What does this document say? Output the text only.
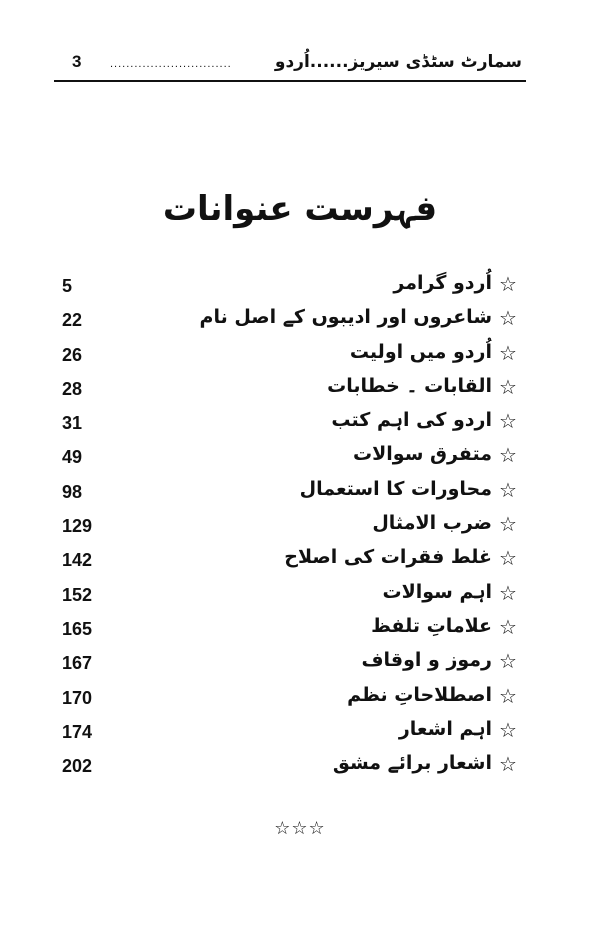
3	..............................	سمارٹ سٹڈی سیریز......اُردو
فہرست عنوانات
5	اُردو گرامر ☆
22	شاعروں اور ادیبوں کے اصل نام ☆
26	اُردو میں اولیت ☆
28	القابات ۔ خطابات ☆
31	اردو کی اہم کتب ☆
49	متفرق سوالات ☆
98	محاورات کا استعمال ☆
129	ضرب الامثال ☆
142	غلط فقرات کی اصلاح ☆
152	اہم سوالات ☆
165	علاماتِ تلفظ ☆
167	رموز و اوقاف ☆
170	اصطلاحاتِ نظم ☆
174	اہم اشعار ☆
202	اشعار برائے مشق ☆
☆☆☆
